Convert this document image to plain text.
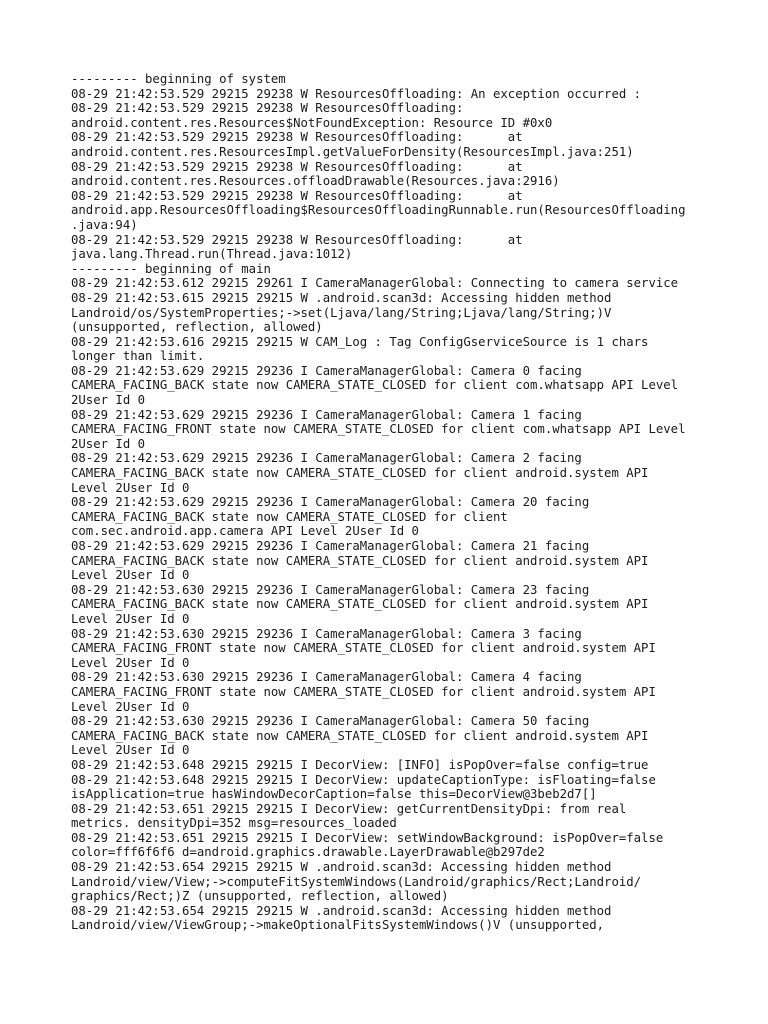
--------- beginning of system
08-29 21:42:53.529 29215 29238 W ResourcesOffloading: An exception occurred :
08-29 21:42:53.529 29215 29238 W ResourcesOffloading:
android.content.res.Resources$NotFoundException: Resource ID #0x0
08-29 21:42:53.529 29215 29238 W ResourcesOffloading:      at
android.content.res.ResourcesImpl.getValueForDensity(ResourcesImpl.java:251)
08-29 21:42:53.529 29215 29238 W ResourcesOffloading:      at
android.content.res.Resources.offloadDrawable(Resources.java:2916)
08-29 21:42:53.529 29215 29238 W ResourcesOffloading:      at
android.app.ResourcesOffloading$ResourcesOffloadingRunnable.run(ResourcesOffloading
.java:94)
08-29 21:42:53.529 29215 29238 W ResourcesOffloading:      at
java.lang.Thread.run(Thread.java:1012)
--------- beginning of main
08-29 21:42:53.612 29215 29261 I CameraManagerGlobal: Connecting to camera service
08-29 21:42:53.615 29215 29215 W .android.scan3d: Accessing hidden method
Landroid/os/SystemProperties;->set(Ljava/lang/String;Ljava/lang/String;)V
(unsupported, reflection, allowed)
08-29 21:42:53.616 29215 29215 W CAM_Log : Tag ConfigGserviceSource is 1 chars
longer than limit.
08-29 21:42:53.629 29215 29236 I CameraManagerGlobal: Camera 0 facing
CAMERA_FACING_BACK state now CAMERA_STATE_CLOSED for client com.whatsapp API Level
2User Id 0
08-29 21:42:53.629 29215 29236 I CameraManagerGlobal: Camera 1 facing
CAMERA_FACING_FRONT state now CAMERA_STATE_CLOSED for client com.whatsapp API Level
2User Id 0
08-29 21:42:53.629 29215 29236 I CameraManagerGlobal: Camera 2 facing
CAMERA_FACING_BACK state now CAMERA_STATE_CLOSED for client android.system API
Level 2User Id 0
08-29 21:42:53.629 29215 29236 I CameraManagerGlobal: Camera 20 facing
CAMERA_FACING_BACK state now CAMERA_STATE_CLOSED for client
com.sec.android.app.camera API Level 2User Id 0
08-29 21:42:53.629 29215 29236 I CameraManagerGlobal: Camera 21 facing
CAMERA_FACING_BACK state now CAMERA_STATE_CLOSED for client android.system API
Level 2User Id 0
08-29 21:42:53.630 29215 29236 I CameraManagerGlobal: Camera 23 facing
CAMERA_FACING_BACK state now CAMERA_STATE_CLOSED for client android.system API
Level 2User Id 0
08-29 21:42:53.630 29215 29236 I CameraManagerGlobal: Camera 3 facing
CAMERA_FACING_FRONT state now CAMERA_STATE_CLOSED for client android.system API
Level 2User Id 0
08-29 21:42:53.630 29215 29236 I CameraManagerGlobal: Camera 4 facing
CAMERA_FACING_FRONT state now CAMERA_STATE_CLOSED for client android.system API
Level 2User Id 0
08-29 21:42:53.630 29215 29236 I CameraManagerGlobal: Camera 50 facing
CAMERA_FACING_BACK state now CAMERA_STATE_CLOSED for client android.system API
Level 2User Id 0
08-29 21:42:53.648 29215 29215 I DecorView: [INFO] isPopOver=false config=true
08-29 21:42:53.648 29215 29215 I DecorView: updateCaptionType: isFloating=false
isApplication=true hasWindowDecorCaption=false this=DecorView@3beb2d7[]
08-29 21:42:53.651 29215 29215 I DecorView: getCurrentDensityDpi: from real
metrics. densityDpi=352 msg=resources_loaded
08-29 21:42:53.651 29215 29215 I DecorView: setWindowBackground: isPopOver=false
color=fff6f6f6 d=android.graphics.drawable.LayerDrawable@b297de2
08-29 21:42:53.654 29215 29215 W .android.scan3d: Accessing hidden method
Landroid/view/View;->computeFitSystemWindows(Landroid/graphics/Rect;Landroid/
graphics/Rect;)Z (unsupported, reflection, allowed)
08-29 21:42:53.654 29215 29215 W .android.scan3d: Accessing hidden method
Landroid/view/ViewGroup;->makeOptionalFitsSystemWindows()V (unsupported,
